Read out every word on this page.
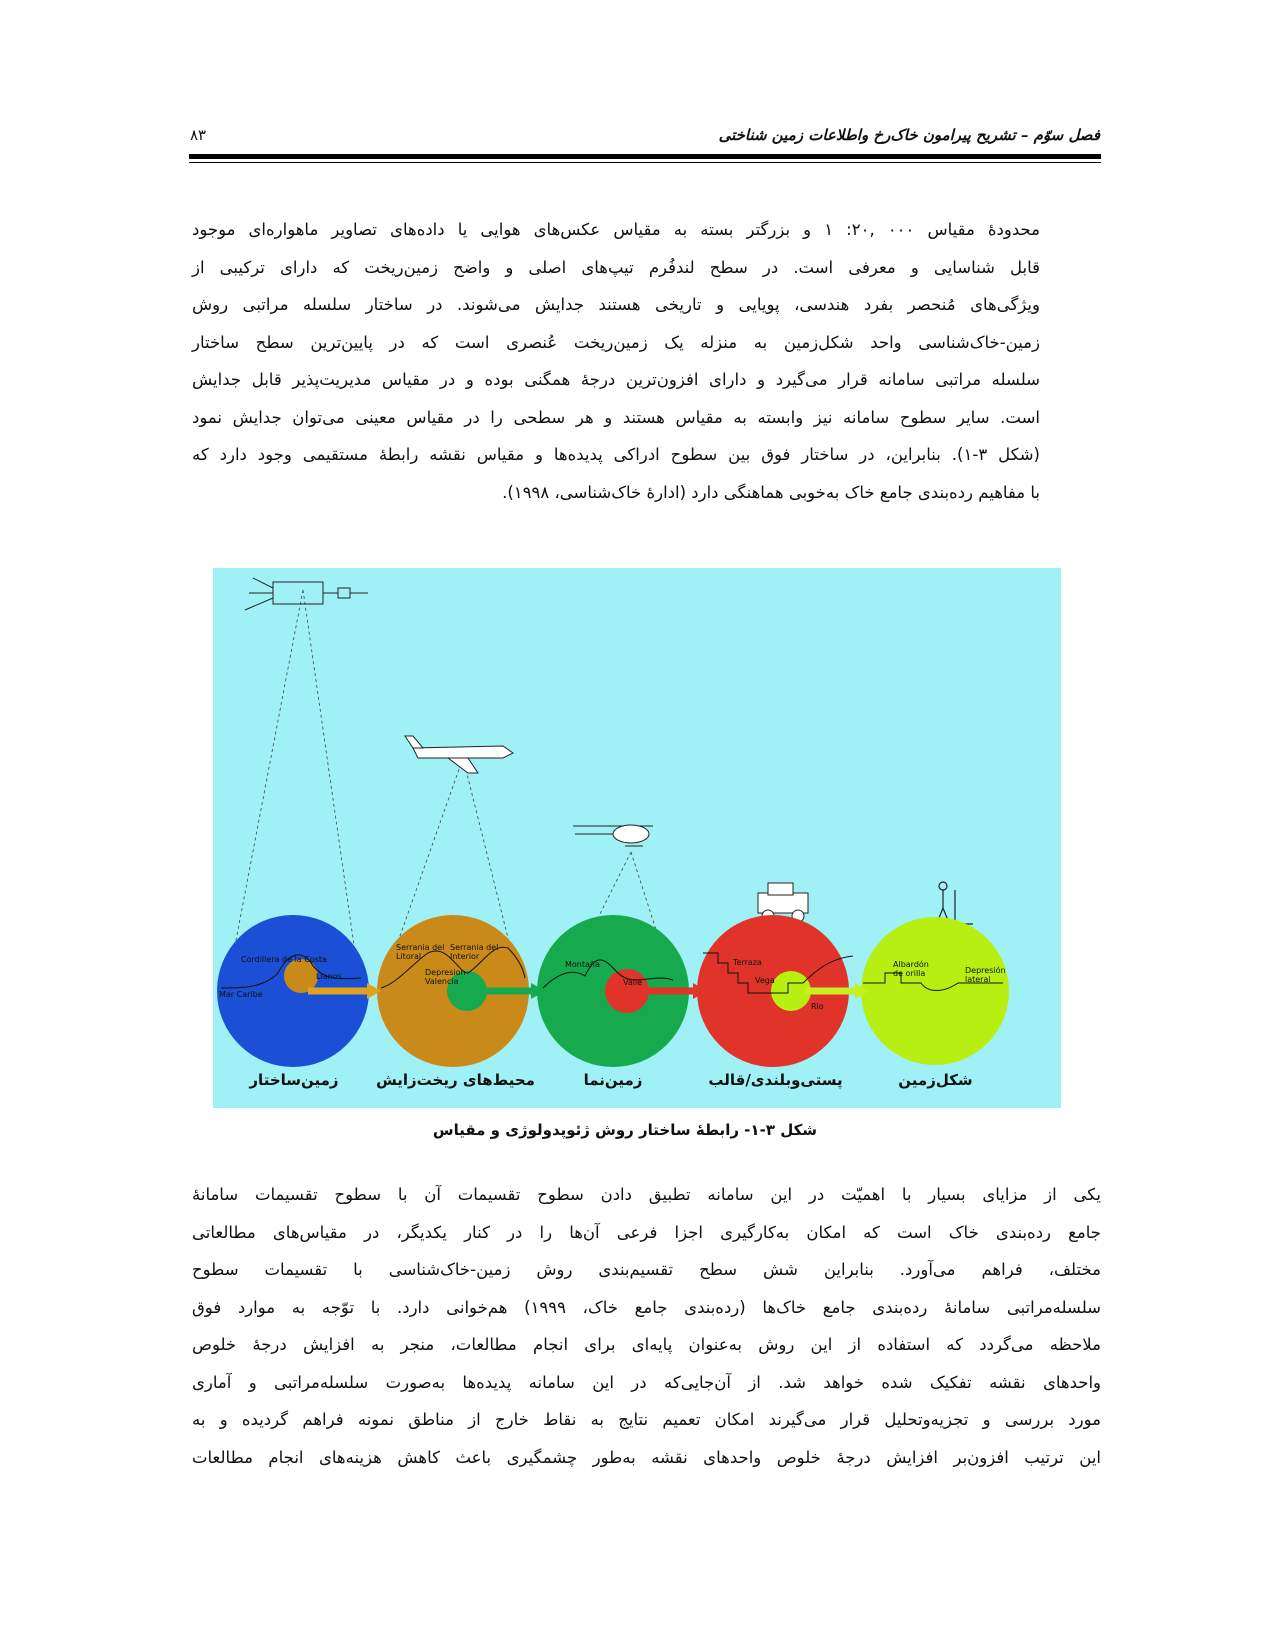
فصل سوّم – تشریح پیرامون خاک‌رخ واطلاعات زمین شناختی
۸۳
محدودهٔ مقیاس ۰۰۰ ,۲۰: ۱ و بزرگتر بسته به مقیاس عکس‌های هوایی یا داده‌های تصاویر ماهواره‌ای موجود
قابل شناسایی و معرفی است. در سطح لندفُرم تیپ‌های اصلی و واضح زمین‌ریخت که دارای ترکیبی از
ویژگی‌های مُنحصر بفرد هندسی، پویایی و تاریخی هستند جدایش می‌شوند. در ساختار سلسله مراتبی روش
زمین-خاک‌شناسی واحد شکل‌زمین به منزله یک زمین‌ریخت عُنصری است که در پایین‌ترین سطح ساختار
سلسله مراتبی سامانه قرار می‌گیرد و دارای افزون‌ترین درجهٔ همگنی بوده و در مقیاس مدیریت‌پذیر قابل جدایش
است. سایر سطوح سامانه نیز وابسته به مقیاس هستند و هر سطحی را در مقیاس معینی می‌توان جدایش نمود
(شکل ۳-۱). بنابراین، در ساختار فوق بین سطوح ادراکی پدیده‌ها و مقیاس نقشه رابطهٔ مستقیمی وجود دارد که
با مفاهیم رده‌بندی جامع خاک به‌خوبی هماهنگی دارد (ادارهٔ خاک‌شناسی، ۱۹۹۸).
Cordillera de la Costa
Mar Caribe
Llanos
Serrania del Litoral
Serrania del Interior
Depresion Valencia
Montaña
Valle
Terraza
Vega
Rio
Albardón de orilla	Depresión lateral
زمین‌ساختار	محیط‌های ریخت‌زایش	زمین‌نما	پستی‌وبلندی/قالب	شکل‌زمین
شکل ۳-۱- رابطهٔ ساختار روش ژئوپدولوژی و مقیاس
یکی از مزایای بسیار با اهمیّت در این سامانه تطبیق دادن سطوح تقسیمات آن با سطوح تقسیمات سامانهٔ
جامع رده‌بندی خاک است که امکان به‌کارگیری اجزا فرعی آن‌ها را در کنار یکدیگر، در مقیاس‌های مطالعاتی
مختلف، فراهم می‌آورد. بنابراین شش سطح تقسیم‌بندی روش زمین-خاک‌شناسی با تقسیمات سطوح
سلسله‌مراتبی سامانهٔ رده‌بندی جامع خاک‌ها (رده‌بندی جامع خاک، ۱۹۹۹) هم‌خوانی دارد. با توّجه به موارد فوق
ملاحظه می‌گردد که استفاده از این روش به‌عنوان پایه‌ای برای انجام مطالعات، منجر به افزایش درجهٔ خلوص
واحدهای نقشه تفکیک شده خواهد شد. از آن‌جایی‌که در این سامانه پدیده‌ها به‌صورت سلسله‌مراتبی و آماری
مورد بررسی و تجزیه‌وتحلیل قرار می‌گیرند امکان تعمیم نتایج به نقاط خارج از مناطق نمونه فراهم گردیده و به
این ترتیب افزون‌بر افزایش درجهٔ خلوص واحدهای نقشه به‌طور چشمگیری باعث کاهش هزینه‌های انجام مطالعات
